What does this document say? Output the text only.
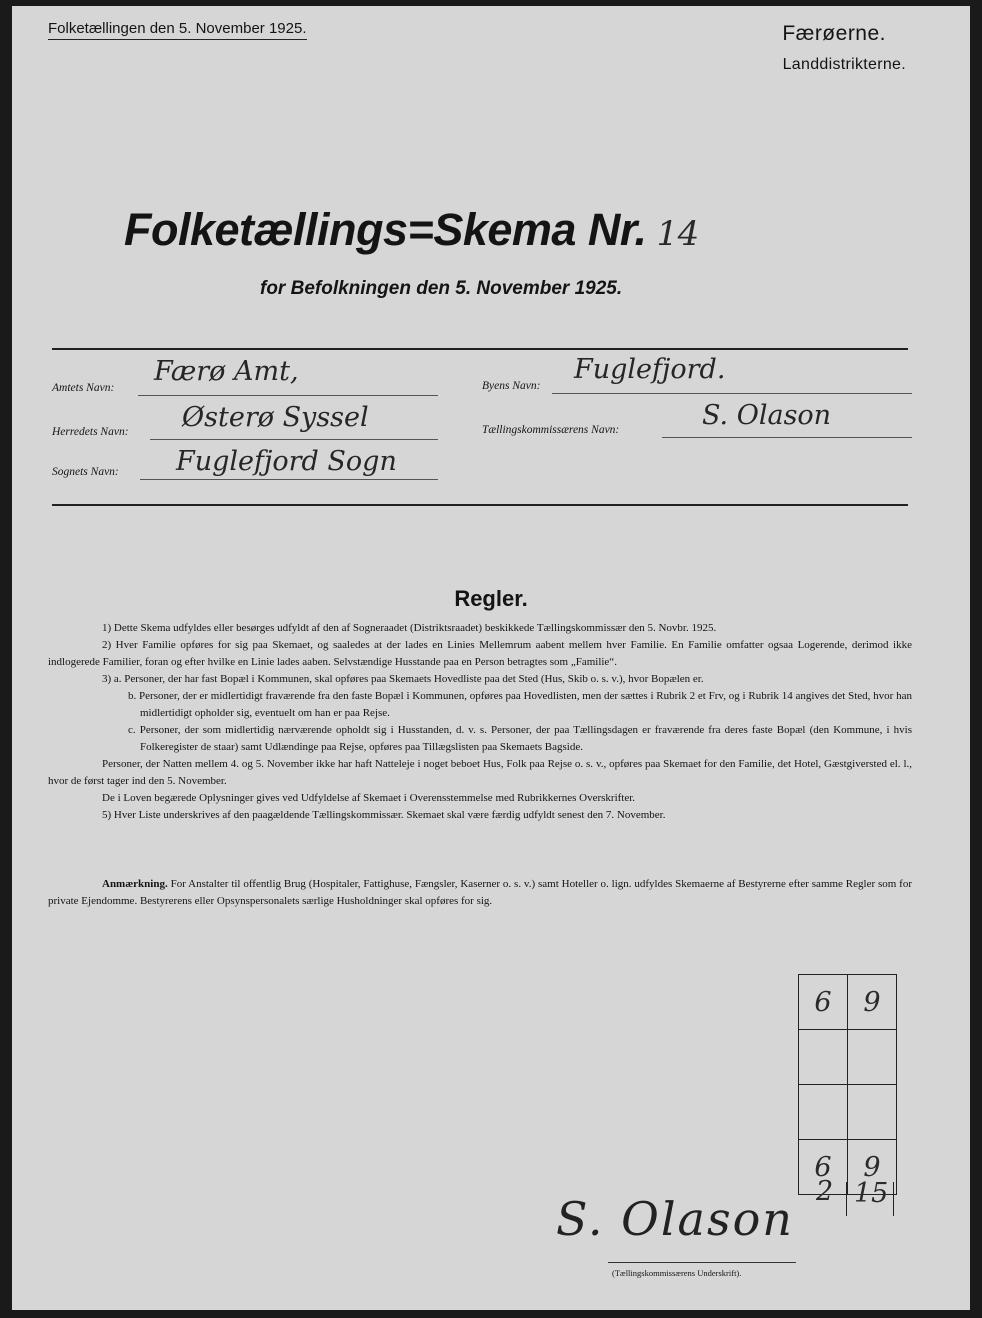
Folketællingen den 5. November 1925.	Færøerne.
Landdistrikterne.
Folketællings=Skema Nr. 14
for Befolkningen den 5. November 1925.
Amtets Navn:
Færø Amt,
Herredets Navn: Østerø Syssel
Sognets Navn: Fuglefjord Sogn
Byens Navn:
Fuglefjord.
Tællingskommissærens Navn:	S. Olason
Regler.

1) Dette Skema udfyldes eller besørges udfyldt af den af Sogneraadet (Distriktsraadet) beskikkede Tællingskommissær den 5. Novbr. 1925.

2) Hver Familie opføres for sig paa Skemaet, og saaledes at der lades en Linies Mellemrum aabent mellem hver Familie. En Familie omfatter ogsaa Logerende, derimod ikke indlogerede Familier, foran og efter hvilke en Linie lades aaben. Selvstændige Husstande paa en Person betragtes som „Familie“.

3) a. Personer, der har fast Bopæl i Kommunen, skal opføres paa Skemaets Hovedliste paa det Sted (Hus, Skib o. s. v.), hvor Bopælen er.

b. Personer, der er midlertidigt fraværende fra den faste Bopæl i Kommunen, opføres paa Hovedlisten, men der sættes i Rubrik 2 et Frv, og i Rubrik 14 angives det Sted, hvor han midlertidigt opholder sig, eventuelt om han er paa Rejse.

c. Personer, der som midlertidig nærværende opholdt sig i Husstanden, d. v. s. Personer, der paa Tællingsdagen er fraværende fra deres faste Bopæl (den Kommune, i hvis Folkeregister de staar) samt Udlændinge paa Rejse, opføres paa Tillægslisten paa Skemaets Bagside.

Personer, der Natten mellem 4. og 5. November ikke har haft Natteleje i noget beboet Hus, Folk paa Rejse o. s. v., opføres paa Skemaet for den Familie, det Hotel, Gæstgiversted el. l., hvor de først tager ind den 5. November.

De i Loven begærede Oplysninger gives ved Udfyldelse af Skemaet i Overensstemmelse med Rubrikkernes Overskrifter.

5) Hver Liste underskrives af den paagældende Tællingskommissær. Skemaet skal være færdig udfyldt senest den 7. November.

Anmærkning. For Anstalter til offentlig Brug (Hospitaler, Fattighuse, Fængsler, Kaserner o. s. v.) samt Hoteller o. lign. udfyldes Skemaerne af Bestyrerne efter samme Regler som for private Ejendomme. Bestyrerens eller Opsynspersonalets særlige Husholdninger skal opføres for sig.

6	9

6	9
2 15
S. Olason
(Tællingskommissærens Underskrift).
